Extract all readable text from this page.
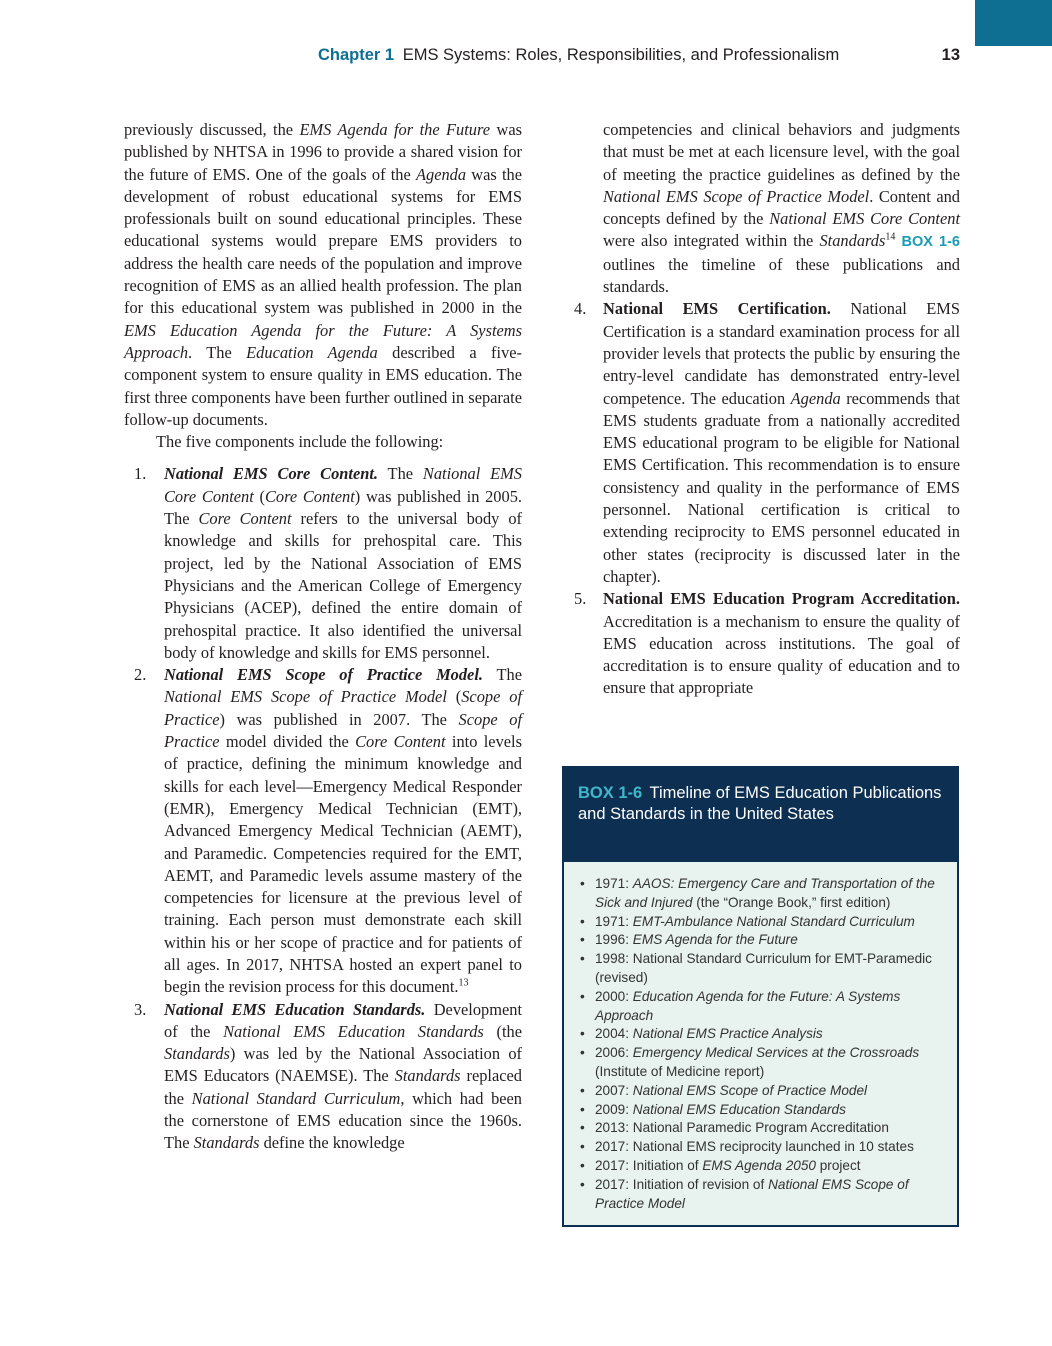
Chapter 1 EMS Systems: Roles, Responsibilities, and Professionalism	13

previously discussed, the EMS Agenda for the Future was published by NHTSA in 1996 to provide a shared vision for the future of EMS. One of the goals of the Agenda was the development of robust educational systems for EMS professionals built on sound educational principles. These educational systems would prepare EMS providers to address the health care needs of the population and improve recognition of EMS as an allied health profession. The plan for this educational system was published in 2000 in the EMS Education Agenda for the Future: A Systems Approach. The Education Agenda described a five-component system to ensure quality in EMS education. The first three components have been further outlined in separate follow-up documents.

The five components include the following:

1. National EMS Core Content. The National EMS Core Content (Core Content) was published in 2005. The Core Content refers to the universal body of knowledge and skills for prehospital care. This project, led by the National Association of EMS Physicians and the American College of Emergency Physicians (ACEP), defined the entire domain of prehospital practice. It also identified the universal body of knowledge and skills for EMS personnel.
2. National EMS Scope of Practice Model. The National EMS Scope of Practice Model (Scope of Practice) was published in 2007. The Scope of Practice model divided the Core Content into levels of practice, defining the minimum knowledge and skills for each level—Emergency Medical Responder (EMR), Emergency Medical Technician (EMT), Advanced Emergency Medical Technician (AEMT), and Paramedic. Competencies required for the EMT, AEMT, and Paramedic levels assume mastery of the competencies for licensure at the previous level of training. Each person must demonstrate each skill within his or her scope of practice and for patients of all ages. In 2017, NHTSA hosted an expert panel to begin the revision process for this document.$^{13}$
3. National EMS Education Standards. Development of the National EMS Education Standards (the Standards) was led by the National Association of EMS Educators (NAEMSE). The Standards replaced the National Standard Curriculum, which had been the cornerstone of EMS education since the 1960s. The Standards define the knowledge
competencies and clinical behaviors and judgments that must be met at each licensure level, with the goal of meeting the practice guidelines as defined by the National EMS Scope of Practice Model. Content and concepts defined by the National EMS Core Content were also integrated within the Standards$^{14}$ BOX 1-6 outlines the timeline of these publications and standards.
4. National EMS Certification. National EMS Certification is a standard examination process for all provider levels that protects the public by ensuring the entry-level candidate has demonstrated entry-level competence. The education Agenda recommends that EMS students graduate from a nationally accredited EMS educational program to be eligible for National EMS Certification. This recommendation is to ensure consistency and quality in the performance of EMS personnel. National certification is critical to extending reciprocity to EMS personnel educated in other states (reciprocity is discussed later in the chapter).
5. National EMS Education Program Accreditation. Accreditation is a mechanism to ensure the quality of EMS education across institutions. The goal of accreditation is to ensure quality of education and to ensure that appropriate
BOX 1-6 Timeline of EMS Education Publications and Standards in the United States
• 1971: AAOS: Emergency Care and Transportation of the Sick and Injured (the “Orange Book,” first edition)
• 1971: EMT-Ambulance National Standard Curriculum
• 1996: EMS Agenda for the Future
• 1998: National Standard Curriculum for EMT-Paramedic (revised)
• 2000: Education Agenda for the Future: A Systems Approach
• 2004: National EMS Practice Analysis
• 2006: Emergency Medical Services at the Crossroads (Institute of Medicine report)
• 2007: National EMS Scope of Practice Model
• 2009: National EMS Education Standards
• 2013: National Paramedic Program Accreditation
• 2017: National EMS reciprocity launched in 10 states
• 2017: Initiation of EMS Agenda 2050 project
• 2017: Initiation of revision of National EMS Scope of Practice Model
